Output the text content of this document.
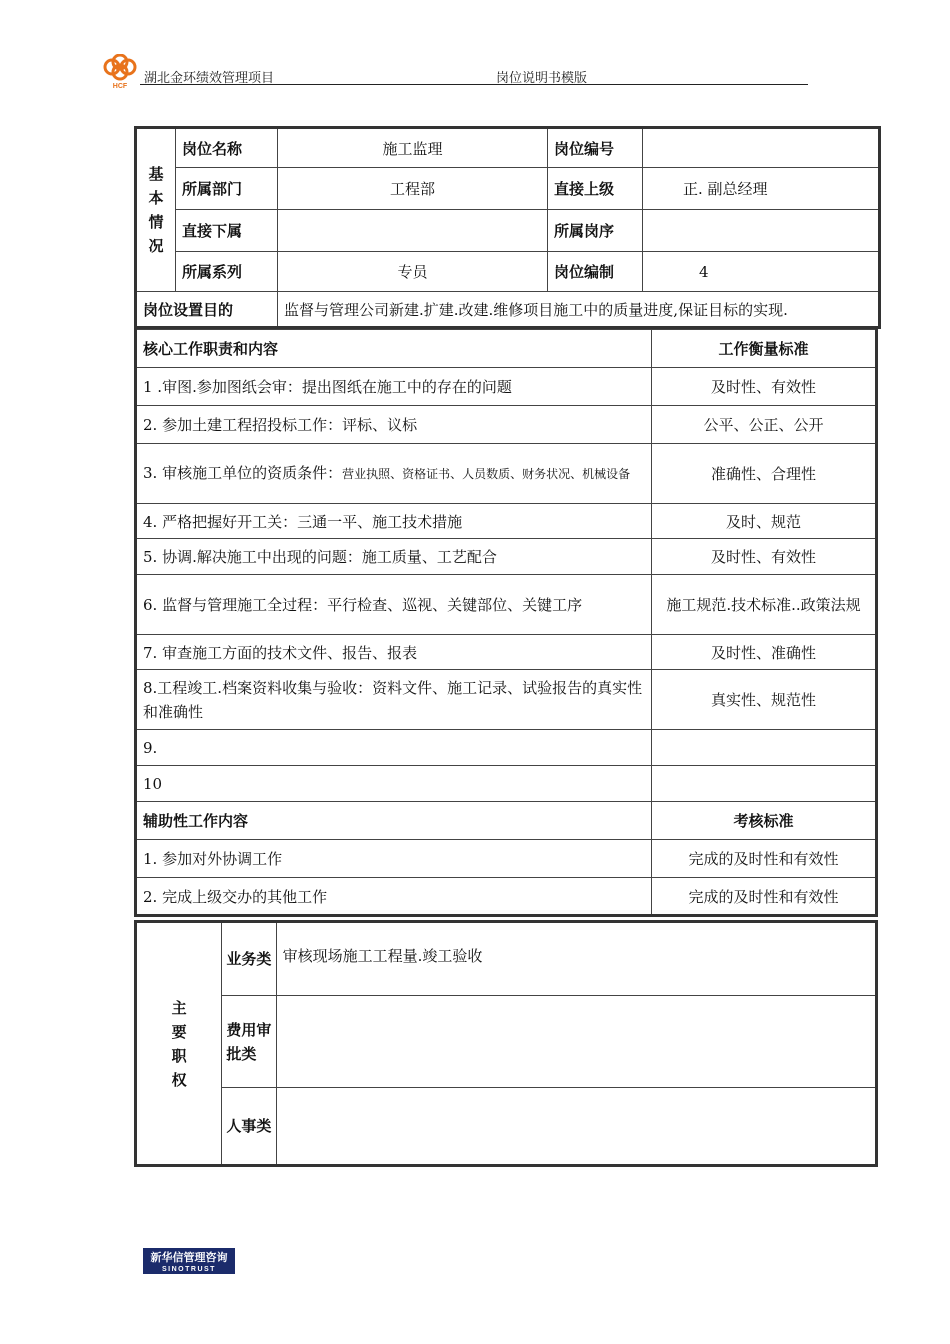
HCF
湖北金环绩效管理项目	岗位说明书模版
基本情况	岗位名称	施工监理	岗位编号	
	所属部门	工程部	直接上级	正. 副总经理
	直接下属		所属岗序	
	所属系列	专员	岗位编制	4
岗位设置目的		监督与管理公司新建.扩建.改建.维修项目施工中的质量进度,保证目标的实现.		
核心工作职责和内容	工作衡量标准
1 .审图.参加图纸会审：提出图纸在施工中的存在的问题	及时性、有效性
2. 参加土建工程招投标工作：评标、议标	公平、公正、公开
3. 审核施工单位的资质条件：营业执照、资格证书、人员数质、财务状况、机械设备	准确性、合理性
4. 严格把握好开工关：三通一平、施工技术措施	及时、规范
5. 协调.解决施工中出现的问题：施工质量、工艺配合	及时性、有效性
6. 监督与管理施工全过程：平行检查、巡视、关键部位、关键工序	施工规范.技术标准..政策法规
7. 审查施工方面的技术文件、报告、报表	及时性、准确性
8.工程竣工.档案资料收集与验收：资料文件、施工记录、试验报告的真实性和准确性	真实性、规范性
9.	
10	
辅助性工作内容	考核标准
1. 参加对外协调工作	完成的及时性和有效性
2. 完成上级交办的其他工作	完成的及时性和有效性
主要职权	业务类	审核现场施工工程量.竣工验收
	费用审批类	
	人事类	
新华信管理咨询
SINOTRUST
